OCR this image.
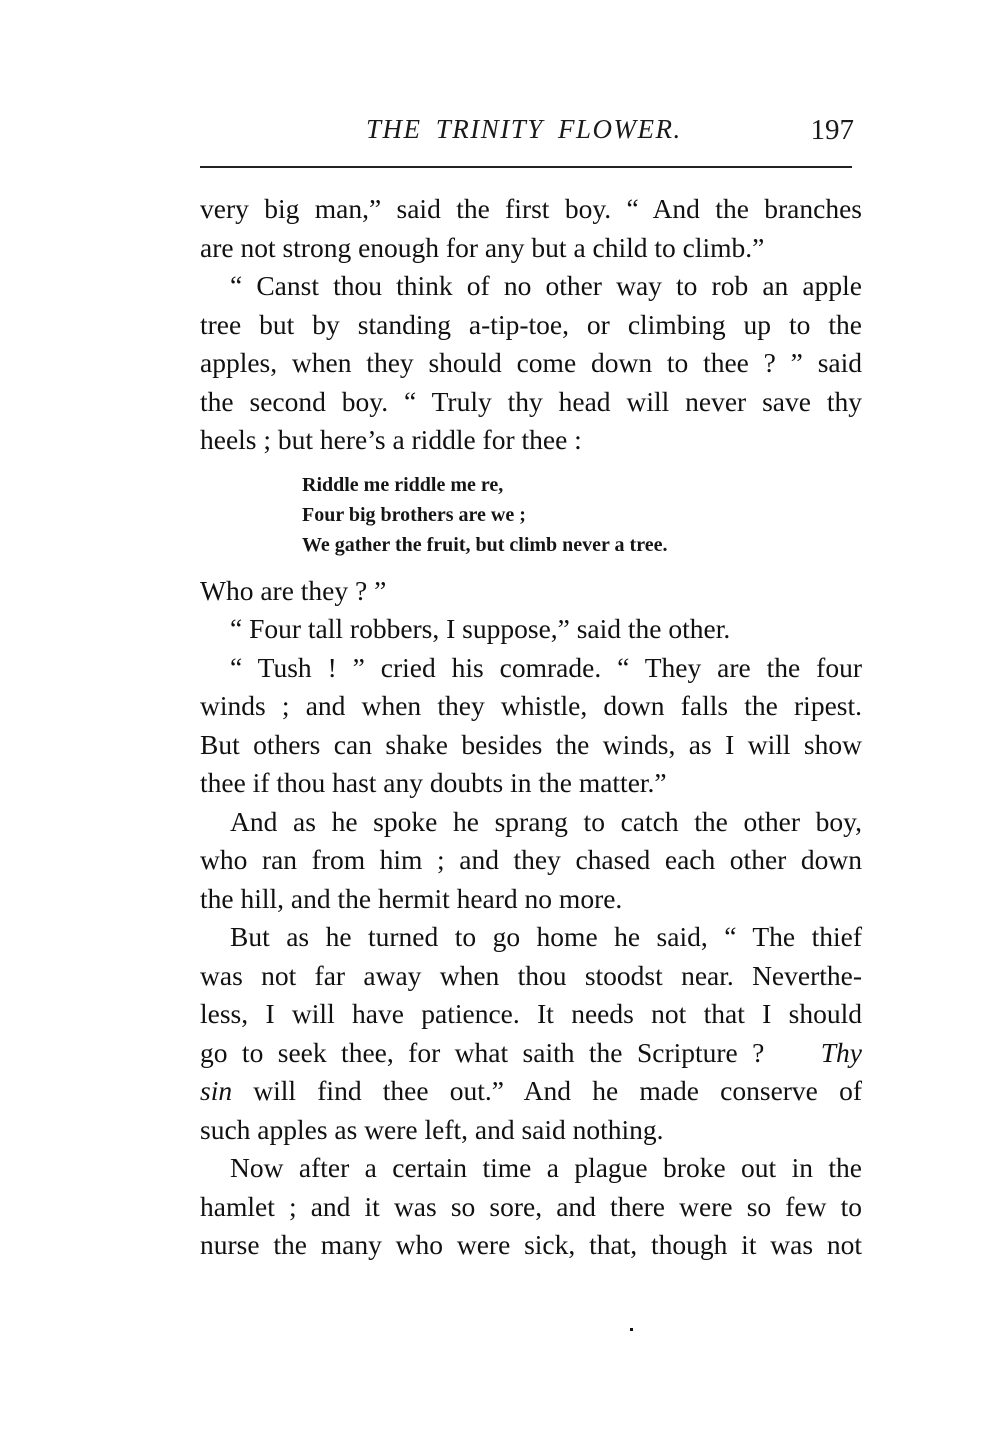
THE TRINITY FLOWER.	197
very big man,” said the first boy. “ And the branches
are not strong enough for any but a child to climb.”
“ Canst thou think of no other way to rob an apple
tree but by standing a-tip-toe, or climbing up to the
apples, when they should come down to thee ? ” said
the second boy. “ Truly thy head will never save thy
heels ; but here’s a riddle for thee :
Riddle me riddle me re,
Four big brothers are we ;
We gather the fruit, but climb never a tree.
Who are they ? ”
“ Four tall robbers, I suppose,” said the other.
“ Tush ! ” cried his comrade. “ They are the four
winds ; and when they whistle, down falls the ripest.
But others can shake besides the winds, as I will show
thee if thou hast any doubts in the matter.”
And as he spoke he sprang to catch the other boy,
who ran from him ; and they chased each other down
the hill, and the hermit heard no more.
But as he turned to go home he said, “ The thief
was not far away when thou stoodst near. Neverthe-
less, I will have patience. It needs not that I should
go to seek thee, for what saith the Scripture ?   Thy
sin will find thee out.” And he made conserve of
such apples as were left, and said nothing.
Now after a certain time a plague broke out in the
hamlet ; and it was so sore, and there were so few to
nurse the many who were sick, that, though it was not
